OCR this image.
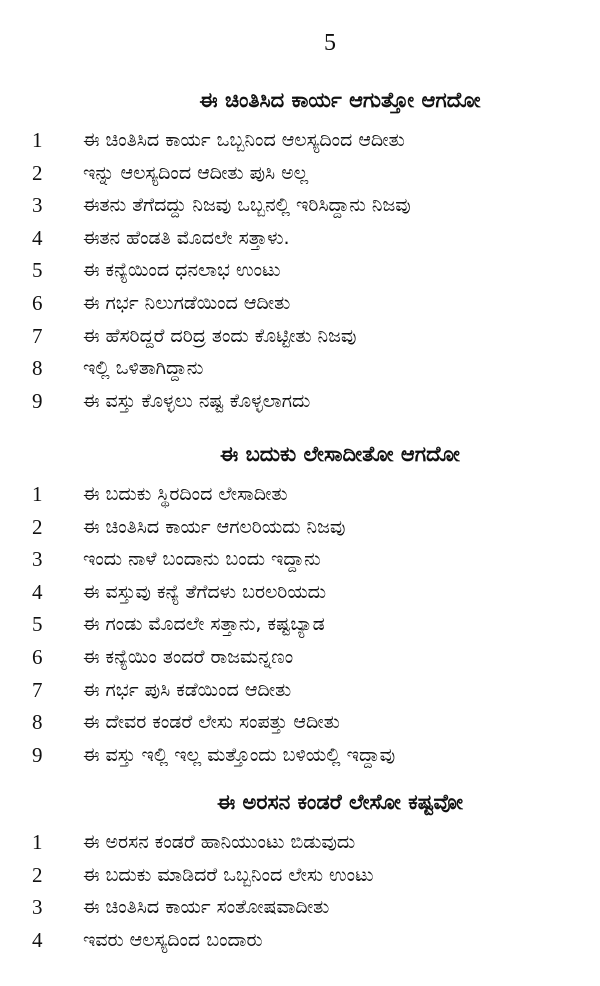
5
ಈ ಚಿಂತಿಸಿದ ಕಾರ್ಯ ಆಗುತ್ತೋ ಆಗದೋ
1 ಈ ಚಿಂತಿಸಿದ ಕಾರ್ಯ ಒಬ್ಬನಿಂದ ಆಲಸ್ಯದಿಂದ ಆದೀತು
2 ಇನ್ನು ಆಲಸ್ಯದಿಂದ ಆದೀತು ಪುಸಿ ಅಲ್ಲ
3 ಈತನು ತೆಗೆದದ್ದು ನಿಜವು ಒಬ್ಬನಲ್ಲಿ ಇರಿಸಿದ್ದಾನು ನಿಜವು
4 ಈತನ ಹೆಂಡತಿ ಮೊದಲೇ ಸತ್ತಾಳು.
5 ಈ ಕನ್ಯೆಯಿಂದ ಧನಲಾಭ ಉಂಟು
6 ಈ ಗರ್ಭ ನಿಲುಗಡೆಯಿಂದ ಆದೀತು
7 ಈ ಹೆಸರಿದ್ದರೆ ದರಿದ್ರ ತಂದು ಕೊಟ್ಟೀತು ನಿಜವು
8 ಇಲ್ಲಿ ಒಳಿತಾಗಿದ್ದಾನು
9 ಈ ವಸ್ತು ಕೊಳ್ಳಲು ನಷ್ಟ ಕೊಳ್ಳಲಾಗದು
ಈ ಬದುಕು ಲೇಸಾದೀತೋ ಆಗದೋ
1 ಈ ಬದುಕು ಸ್ಥಿರದಿಂದ ಲೇಸಾದೀತು
2 ಈ ಚಿಂತಿಸಿದ ಕಾರ್ಯ ಆಗಲರಿಯದು ನಿಜವು
3 ಇಂದು ನಾಳೆ ಬಂದಾನು ಬಂದು ಇದ್ದಾನು
4 ಈ ವಸ್ತುವು ಕನ್ಯೆ ತೆಗೆದಳು ಬರಲರಿಯದು
5 ಈ ಗಂಡು ಮೊದಲೇ ಸತ್ತಾನು, ಕಷ್ಟಬ್ಯಾಡ
6 ಈ ಕನ್ಯೆಯಿಂ ತಂದರೆ ರಾಜಮನ್ನಣಂ
7 ಈ ಗರ್ಭ ಪುಸಿ ಕಡೆಯಿಂದ ಆದೀತು
8 ಈ ದೇವರ ಕಂಡರೆ ಲೇಸು ಸಂಪತ್ತು ಆದೀತು
9 ಈ ವಸ್ತು ಇಲ್ಲಿ ಇಲ್ಲ ಮತ್ತೊಂದು ಬಳಿಯಲ್ಲಿ ಇದ್ದಾವು
ಈ ಅರಸನ ಕಂಡರೆ ಲೇಸೋ ಕಷ್ಟವೋ
1 ಈ ಅರಸನ ಕಂಡರೆ ಹಾನಿಯುಂಟು ಬಿಡುವುದು
2 ಈ ಬದುಕು ಮಾಡಿದರೆ ಒಬ್ಬನಿಂದ ಲೇಸು ಉಂಟು
3 ಈ ಚಿಂತಿಸಿದ ಕಾರ್ಯ ಸಂತೋಷವಾದೀತು
4 ಇವರು ಆಲಸ್ಯದಿಂದ ಬಂದಾರು
